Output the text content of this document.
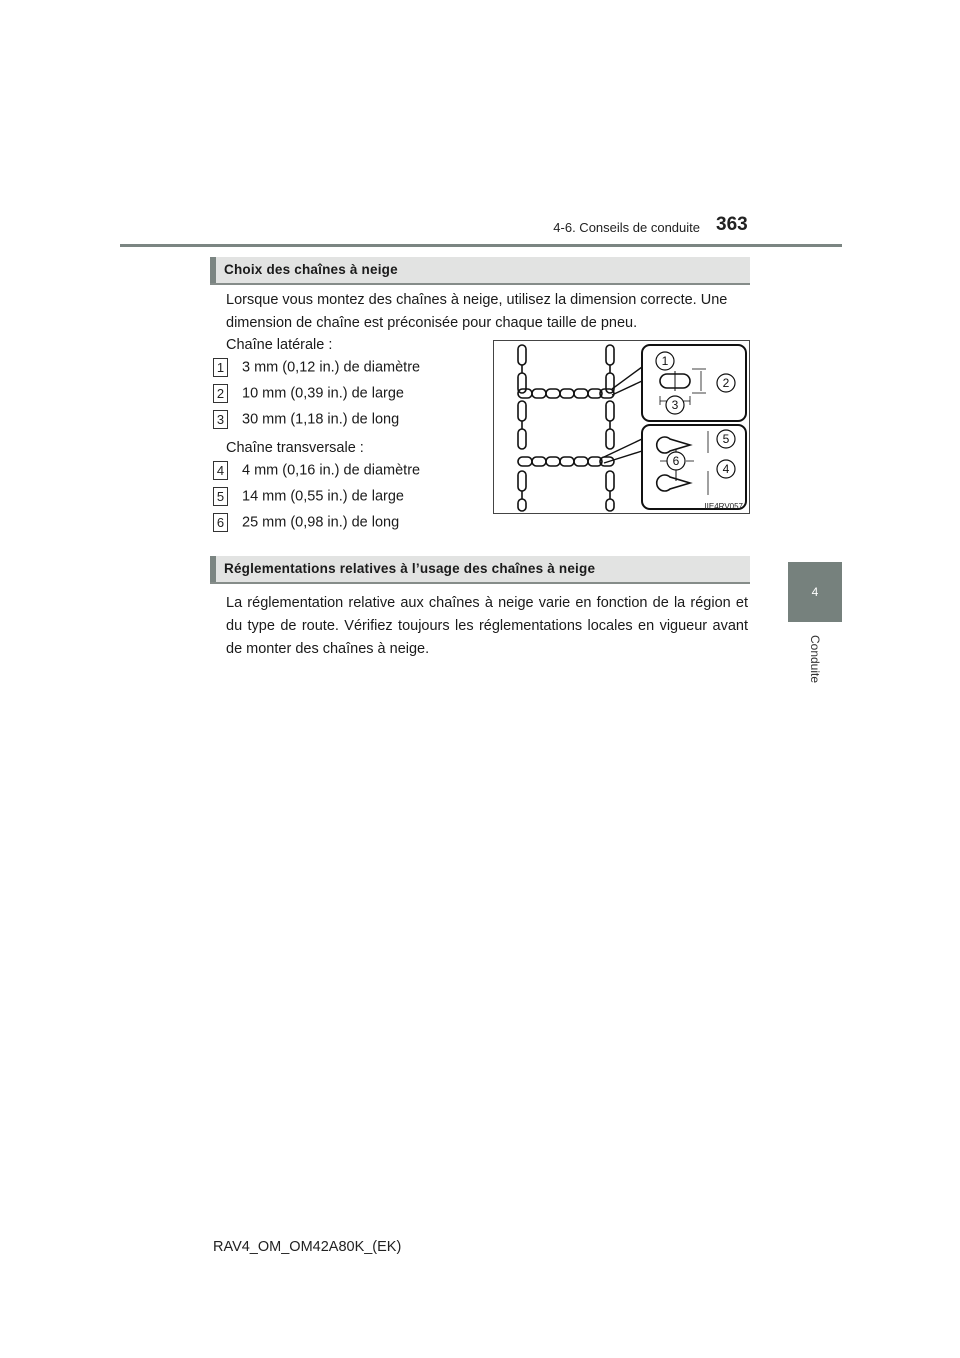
4-6. Conseils de conduite 363
4
Conduite
Choix des chaînes à neige
Lorsque vous montez des chaînes à neige, utilisez la dimension correcte. Une dimension de chaîne est préconisée pour chaque taille de pneu.
Chaîne latérale :
1 3 mm (0,12 in.) de diamètre
2 10 mm (0,39 in.) de large
3 30 mm (1,18 in.) de long
Chaîne transversale :
4 4 mm (0,16 in.) de diamètre
5 14 mm (0,55 in.) de large
6 25 mm (0,98 in.) de long
1
2
3
5
6
4
IIE4RV057
Réglementations relatives à l’usage des chaînes à neige
La réglementation relative aux chaînes à neige varie en fonction de la région et du type de route. Vérifiez toujours les réglementations locales en vigueur avant de monter des chaînes à neige.
RAV4_OM_OM42A80K_(EK)
